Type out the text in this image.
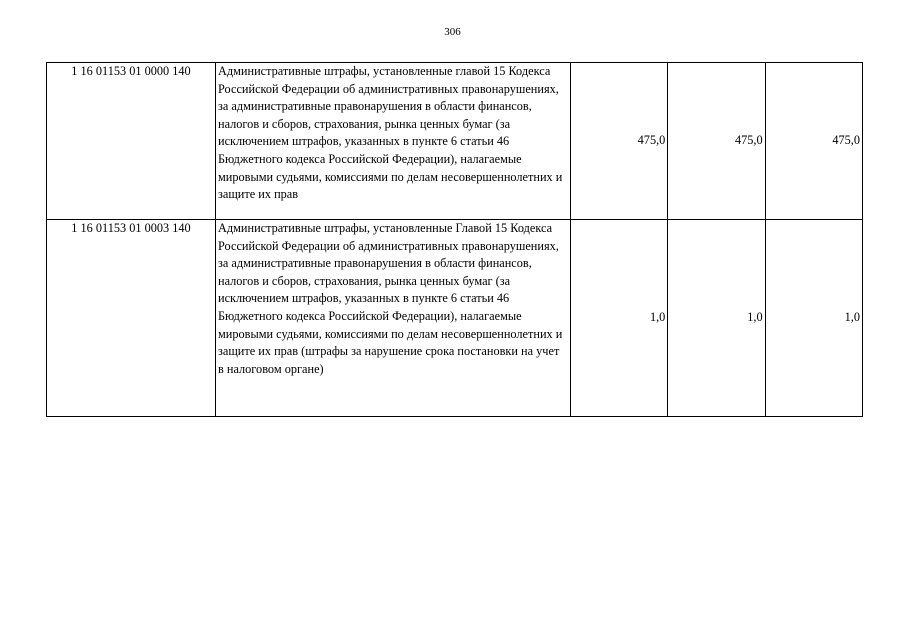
306
1 16 01153 01 0000 140	Административные штрафы, установленные главой 15 Кодекса Российской Федерации об административных правонарушениях, за административные правонарушения в области финансов, налогов и сборов, страхования, рынка ценных бумаг (за исключением штрафов, указанных в пункте 6 статьи 46 Бюджетного кодекса Российской Федерации), налагаемые мировыми судьями, комиссиями по делам несовершеннолетних и защите их прав	475,0	475,0	475,0
1 16 01153 01 0003 140	Административные штрафы, установленные Главой 15 Кодекса Российской Федерации об административных правонарушениях, за административные правонарушения в области финансов, налогов и сборов, страхования, рынка ценных бумаг (за исключением штрафов, указанных в пункте 6 статьи 46 Бюджетного кодекса Российской Федерации), налагаемые мировыми судьями, комиссиями по делам несовершеннолетних и защите их прав (штрафы за нарушение срока постановки на учет в налоговом органе)	1,0	1,0	1,0
